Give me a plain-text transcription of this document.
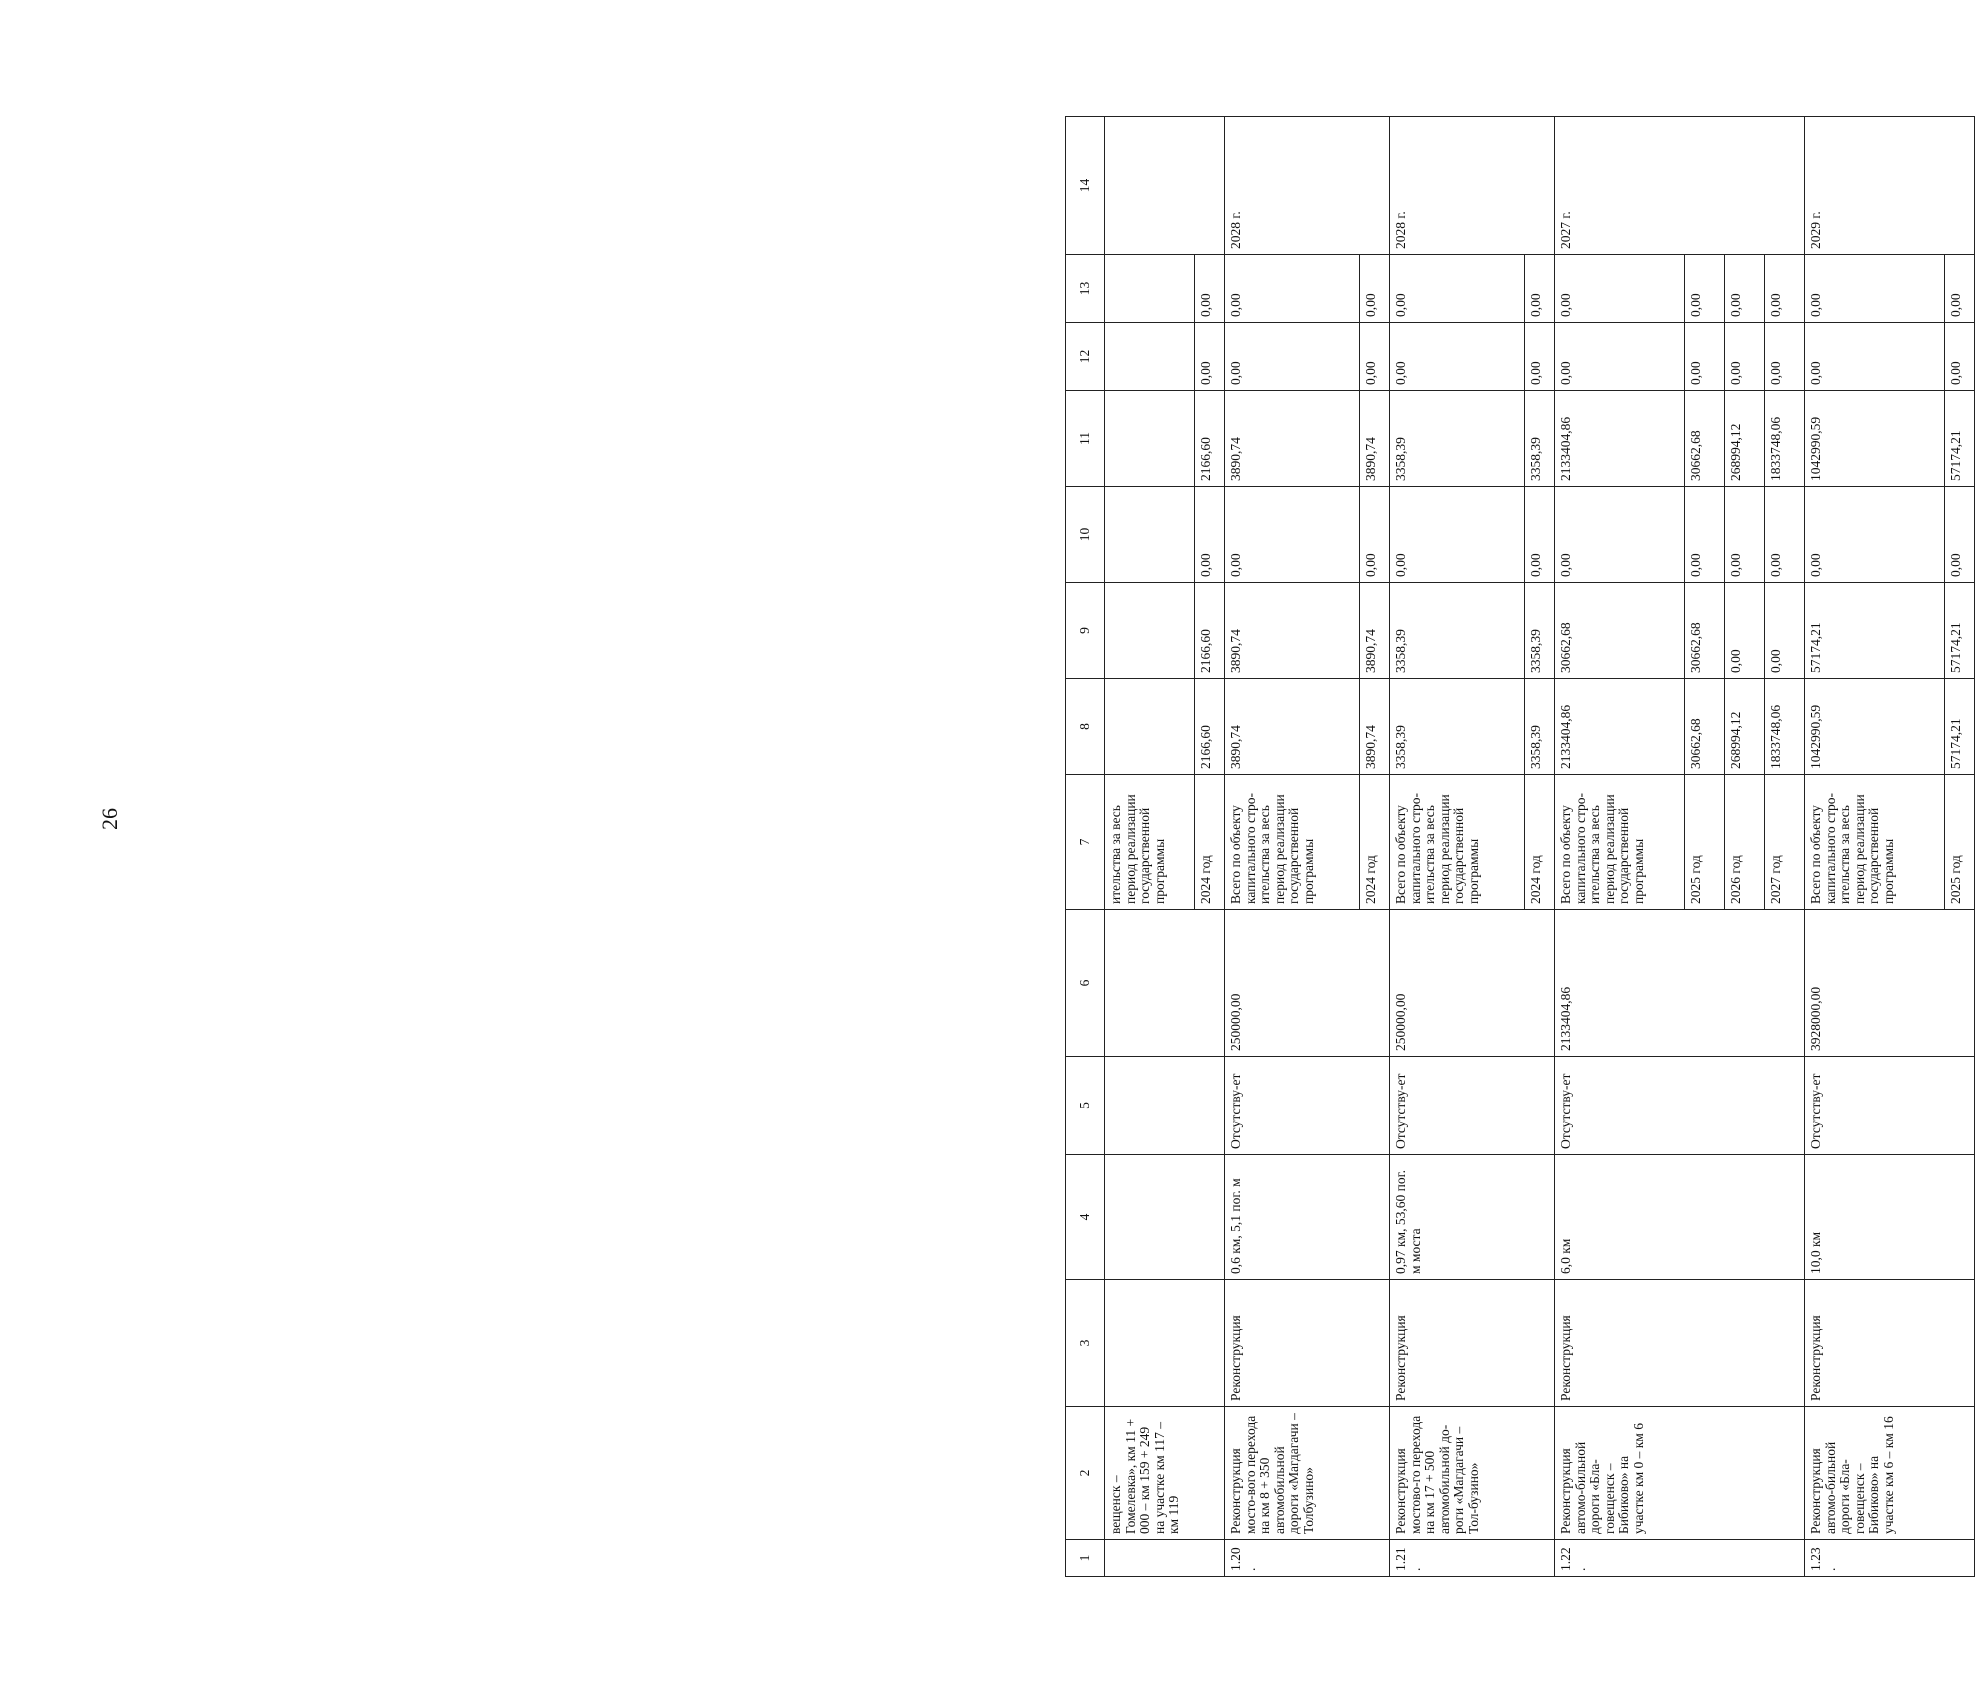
26
1	2	3	4	5	6	7	8	9	10	11	12	13	14
	вещенск – Гомелевка», км 11 + 000 – км 159 + 249 на участке км 117 – км 119					ительства за весь период реализации государственной программы							
						2024 год	2166,60	2166,60	0,00	2166,60	0,00	0,00	
1.20.	Реконструкция мосто-вого перехода на км 8 + 350 автомобильной дороги «Магдагачи – Толбузино»	Реконструкция	0,6 км, 5,1 пог. м	Отсутству-ет	250000,00	Всего по объекту капитального стро-ительства за весь период реализации государственной программы	3890,74	3890,74	0,00	3890,74	0,00	0,00	2028 г.
						2024 год	3890,74	3890,74	0,00	3890,74	0,00	0,00	
1.21.	Реконструкция мостово-го перехода на км 17 + 500 автомобильной до-роги «Магдагачи – Тол-бузино»	Реконструкция	0,97 км, 53,60 пог. м моста	Отсутству-ет	250000,00	Всего по объекту капитального стро-ительства за весь период реализации государственной программы	3358,39	3358,39	0,00	3358,39	0,00	0,00	2028 г.
						2024 год	3358,39	3358,39	0,00	3358,39	0,00	0,00	
1.22.	Реконструкция автомо-бильной дороги «Бла-говещенск – Бибиково» на участке км 0 – км 6	Реконструкция	6,0 км	Отсутству-ет	2133404,86	Всего по объекту капитального стро-ительства за весь период реализации государственной программы	2133404,86	30662,68	0,00	2133404,86	0,00	0,00	2027 г.
						2025 год	30662,68	30662,68	0,00	30662,68	0,00	0,00	
						2026 год	268994,12	0,00	0,00	268994,12	0,00	0,00	
						2027 год	1833748,06	0,00	0,00	1833748,06	0,00	0,00	
1.23.	Реконструкция автомо-бильной дороги «Бла-говещенск – Бибиково» на участке км 6 – км 16	Реконструкция	10,0 км	Отсутству-ет	3928000,00	Всего по объекту капитального стро-ительства за весь период реализации государственной программы	1042990,59	57174,21	0,00	1042990,59	0,00	0,00	2029 г.
						2025 год	57174,21	57174,21	0,00	57174,21	0,00	0,00	
